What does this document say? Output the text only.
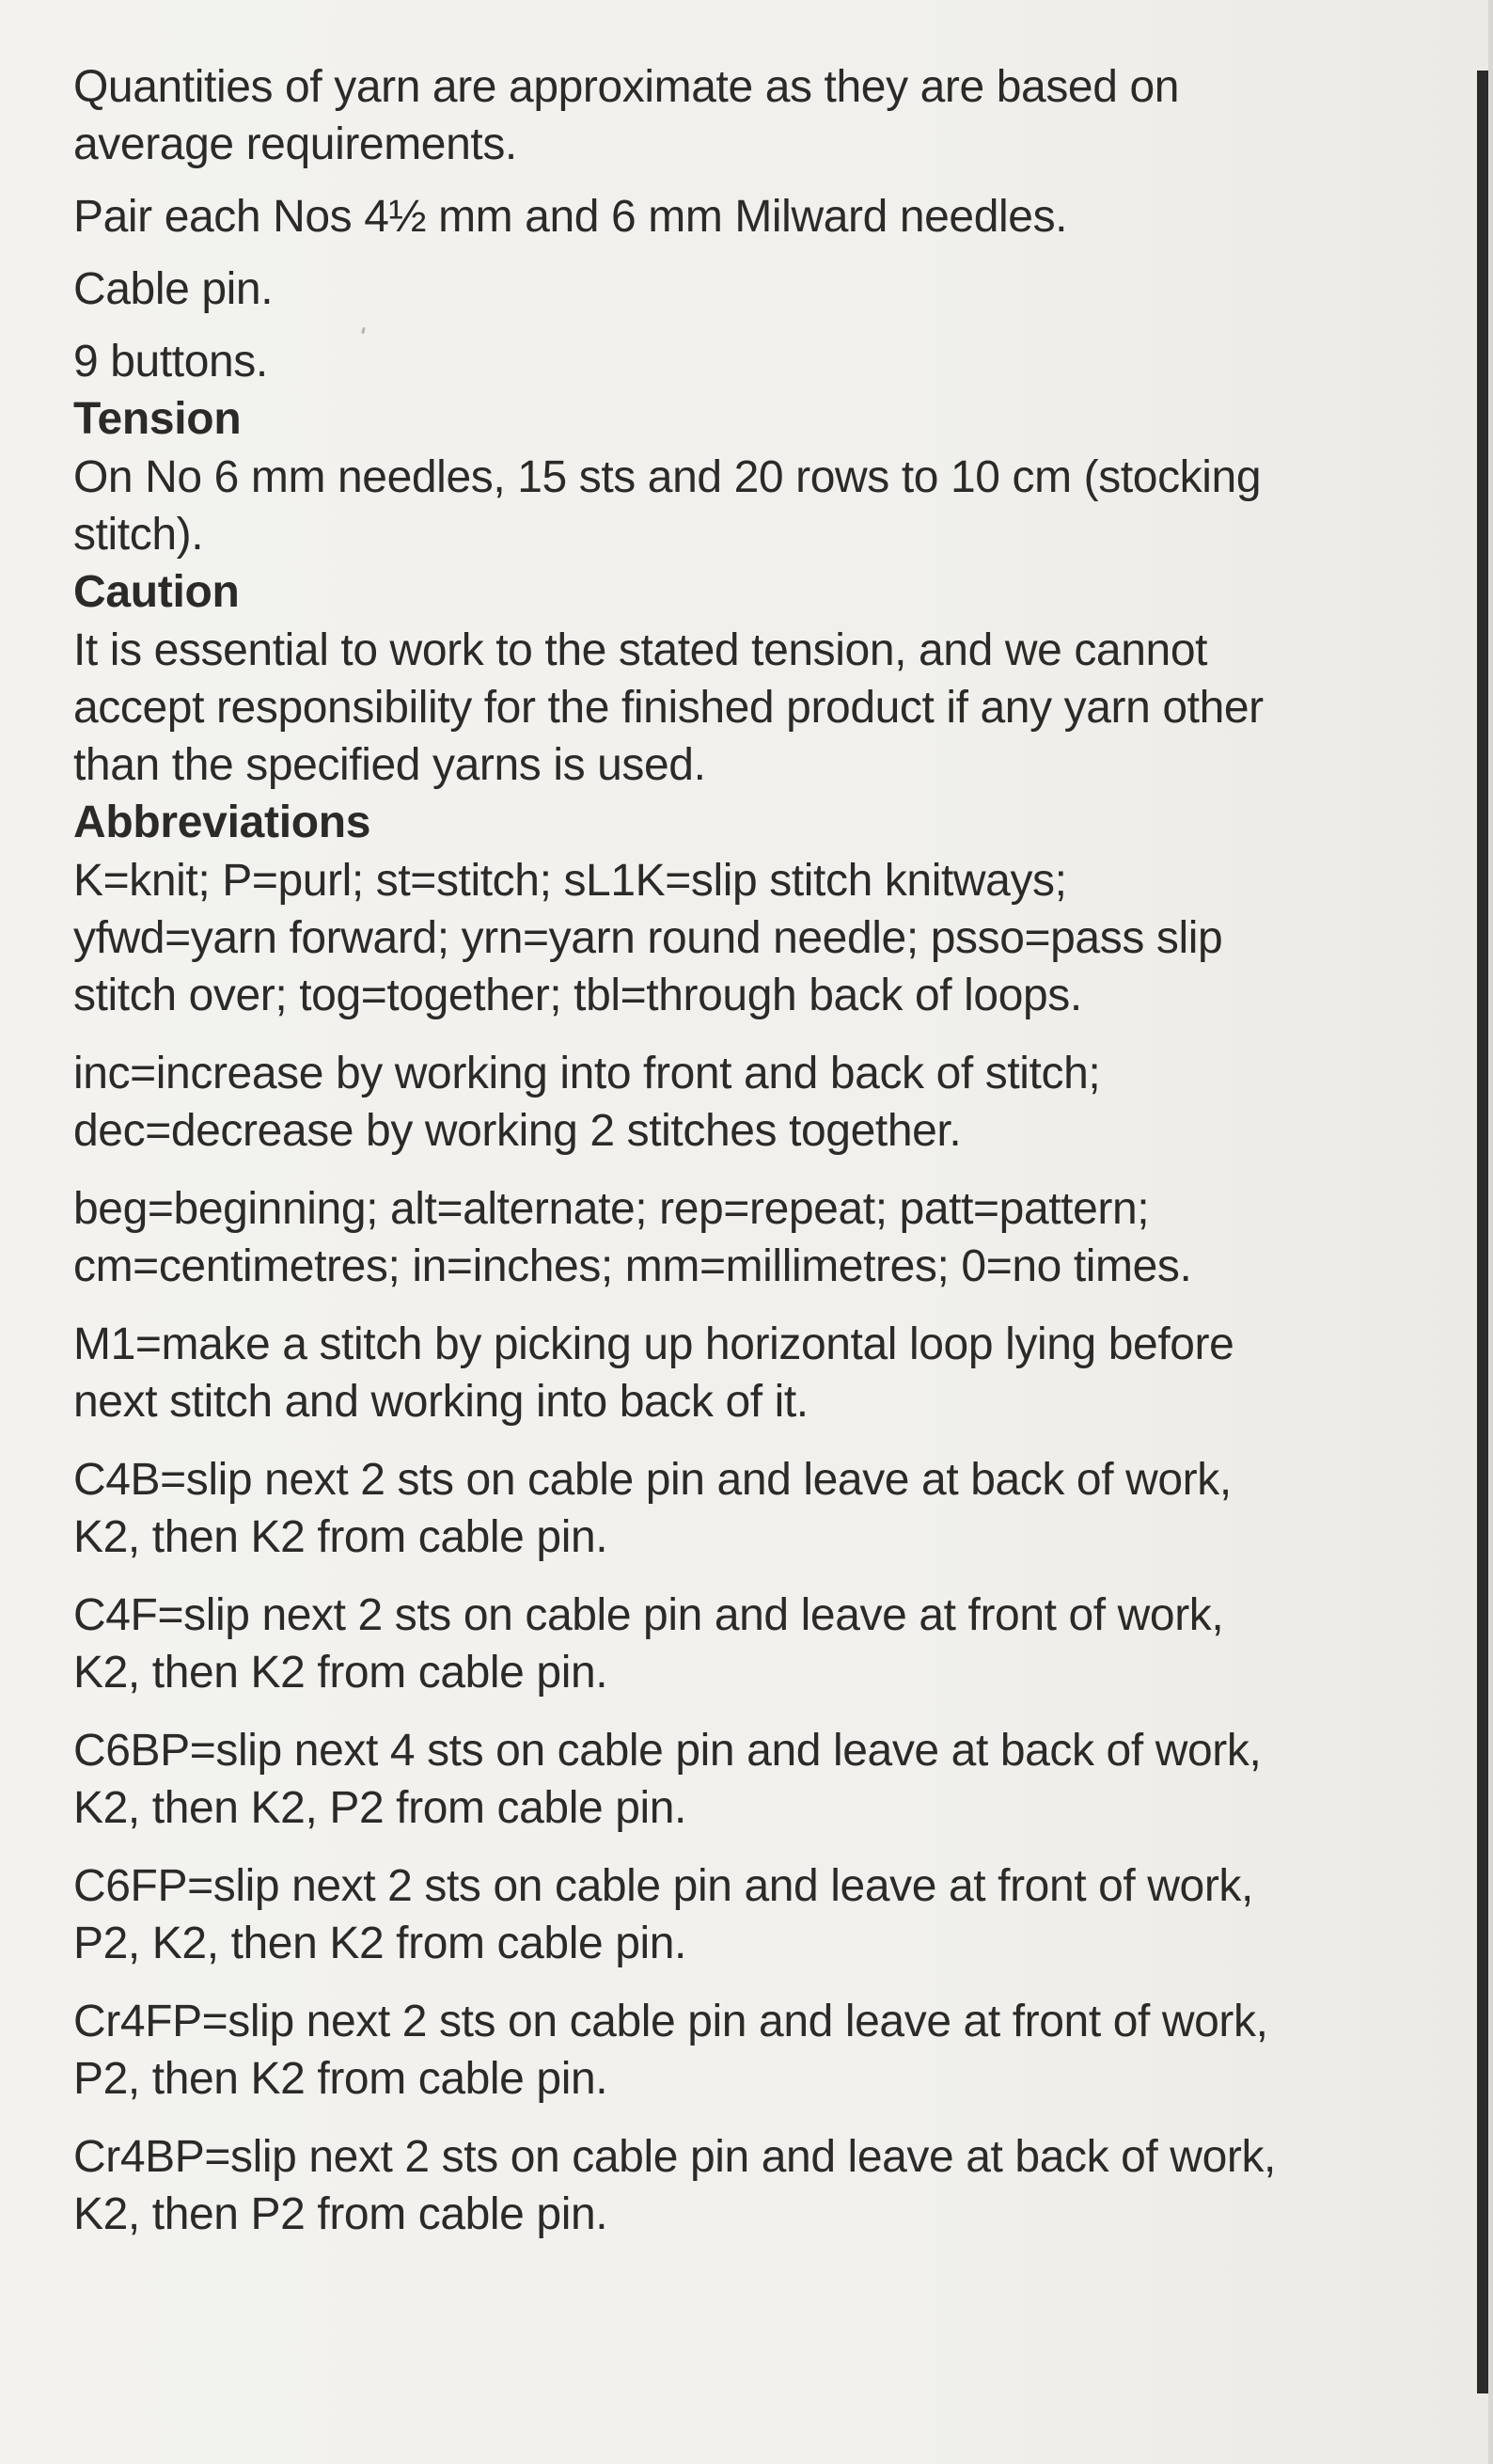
Quantities of yarn are approximate as they are based on
average requirements.

Pair each Nos 4½ mm and 6 mm Milward needles.

Cable pin.

9 buttons.

Tension

On No 6 mm needles, 15 sts and 20 rows to 10 cm (stocking
stitch).

Caution

It is essential to work to the stated tension, and we cannot
accept responsibility for the finished product if any yarn other
than the specified yarns is used.

Abbreviations

K=knit; P=purl; st=stitch; sL1K=slip stitch knitways;
yfwd=yarn forward; yrn=yarn round needle; psso=pass slip
stitch over; tog=together; tbl=through back of loops.

inc=increase by working into front and back of stitch;
dec=decrease by working 2 stitches together.

beg=beginning; alt=alternate; rep=repeat; patt=pattern;
cm=centimetres; in=inches; mm=millimetres; 0=no times.

M1=make a stitch by picking up horizontal loop lying before
next stitch and working into back of it.

C4B=slip next 2 sts on cable pin and leave at back of work,
K2, then K2 from cable pin.

C4F=slip next 2 sts on cable pin and leave at front of work,
K2, then K2 from cable pin.

C6BP=slip next 4 sts on cable pin and leave at back of work,
K2, then K2, P2 from cable pin.

C6FP=slip next 2 sts on cable pin and leave at front of work,
P2, K2, then K2 from cable pin.

Cr4FP=slip next 2 sts on cable pin and leave at front of work,
P2, then K2 from cable pin.

Cr4BP=slip next 2 sts on cable pin and leave at back of work,
K2, then P2 from cable pin.
